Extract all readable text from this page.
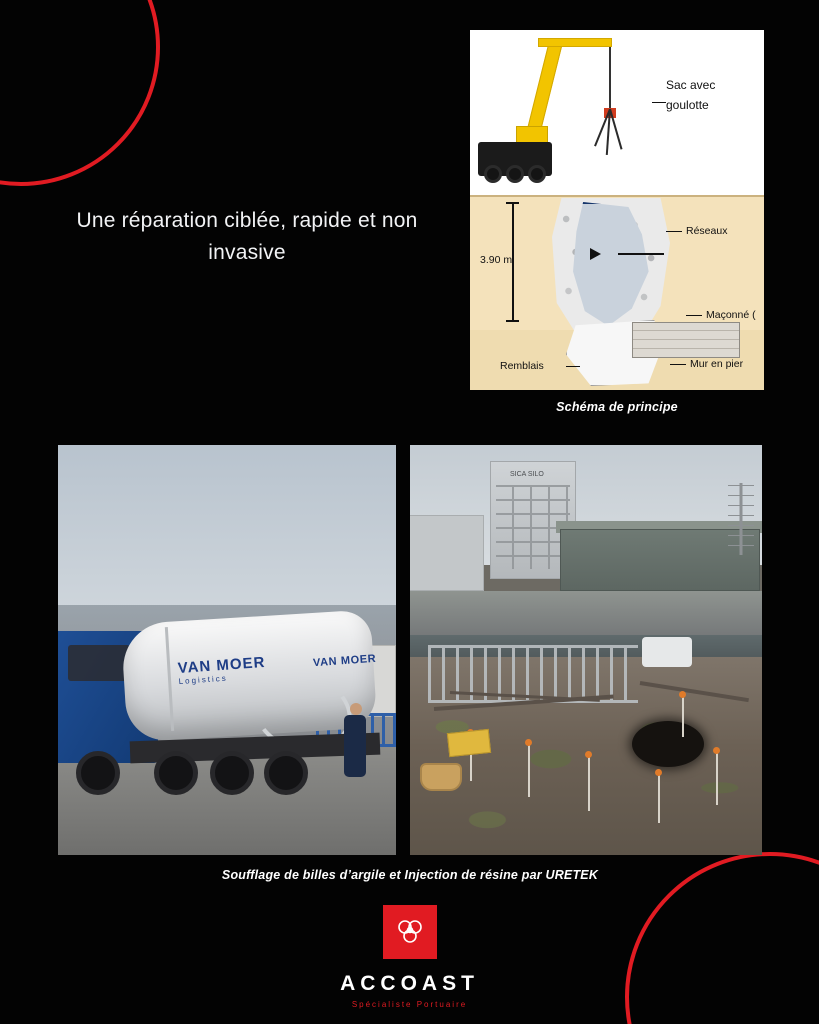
Une réparation ciblée, rapide et non invasive	3.90 m
Sac avec
goulotte
Réseaux
Maçonné (
Remblais	Mur en pier
Schéma de principe
VAN MOER
Logistics
VAN MOER
SICA SILO
Soufflage de billes d’argile et Injection de résine par URETEK
ACCOAST
Spécialiste Portuaire
